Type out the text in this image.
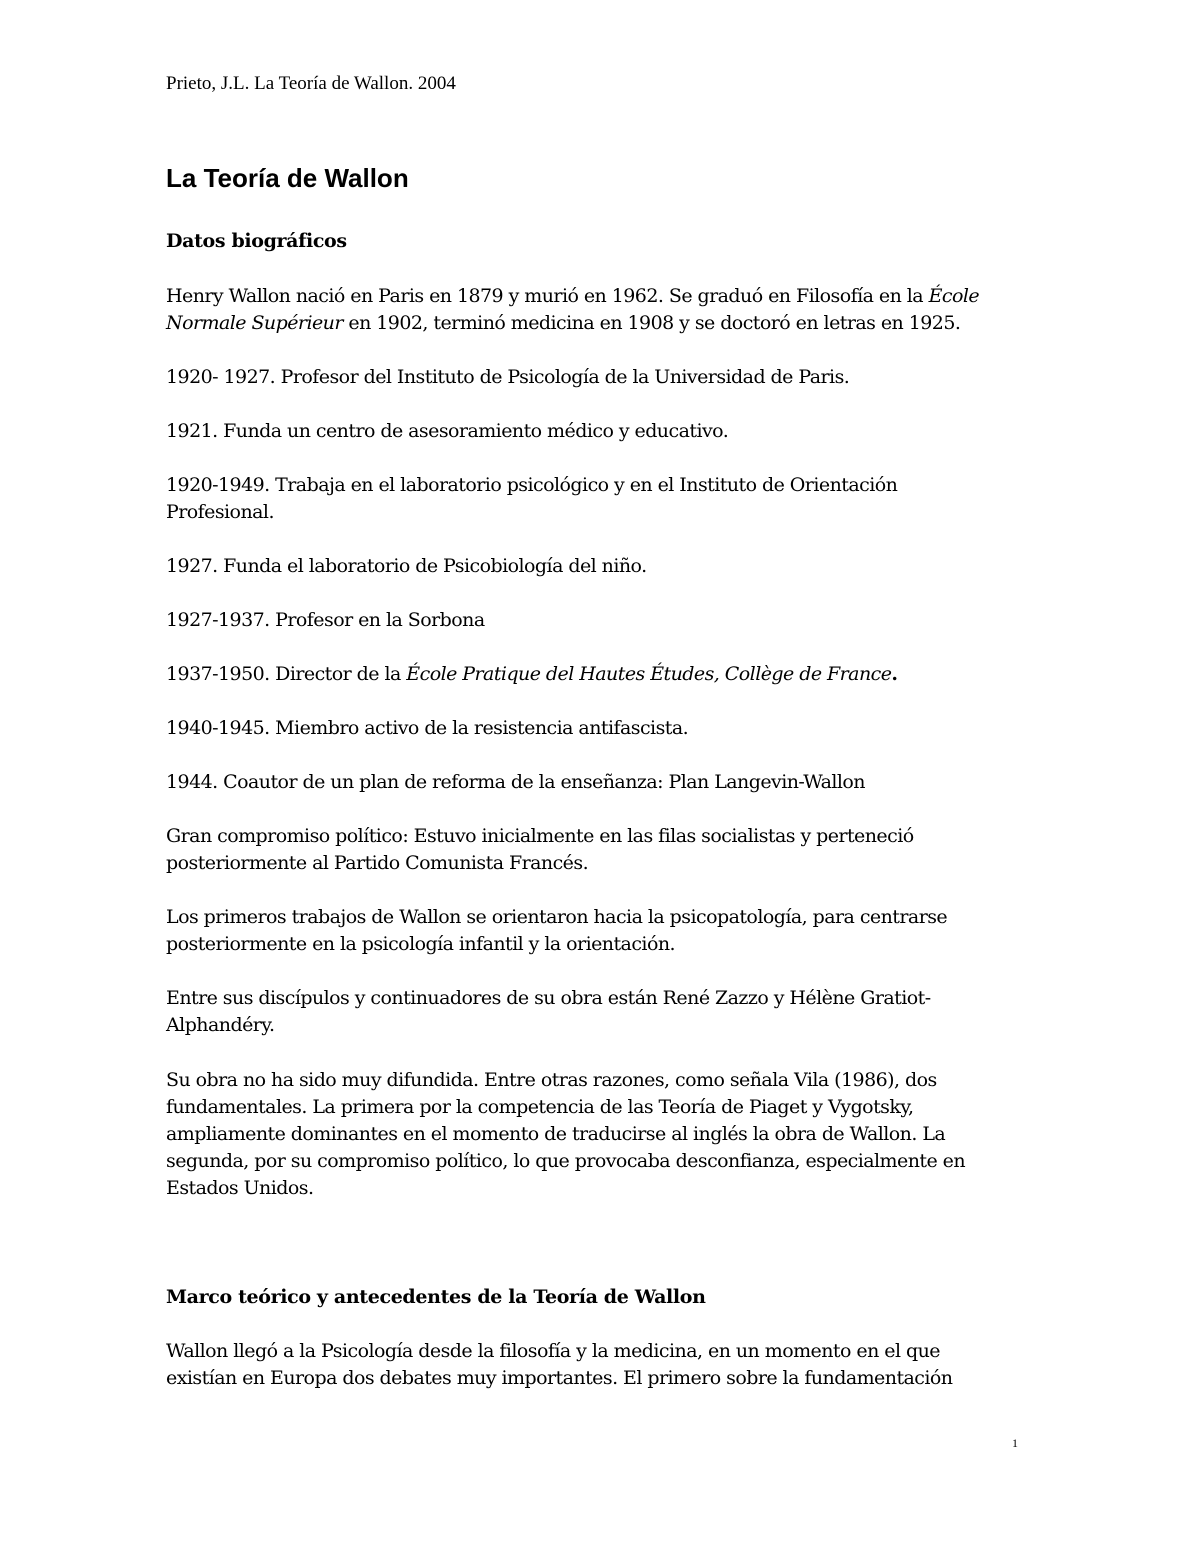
Prieto, J.L. La Teoría de Wallon. 2004
La Teoría de Wallon
Datos biográficos

Henry Wallon nació en Paris en 1879 y murió en 1962. Se graduó en Filosofía en la École
Normale Supérieur en 1902, terminó medicina en 1908 y se doctoró en letras en 1925.

1920- 1927. Profesor del Instituto de Psicología de la Universidad de Paris.

1921. Funda un centro de asesoramiento médico y educativo.

1920-1949. Trabaja en el laboratorio psicológico y en el Instituto de Orientación
Profesional.

1927. Funda el laboratorio de Psicobiología del niño.

1927-1937. Profesor en la Sorbona

1937-1950. Director de la École Pratique del Hautes Études, Collège de France.

1940-1945. Miembro activo de la resistencia antifascista.

1944. Coautor de un plan de reforma de la enseñanza: Plan Langevin-Wallon

Gran compromiso político: Estuvo inicialmente en las filas socialistas y perteneció
posteriormente al Partido Comunista Francés.

Los primeros trabajos de Wallon se orientaron hacia la psicopatología, para centrarse
posteriormente en la psicología infantil y la orientación.

Entre sus discípulos y continuadores de su obra están René Zazzo y Hélène Gratiot-
Alphandéry.

Su obra no ha sido muy difundida. Entre otras razones, como señala Vila (1986), dos
fundamentales. La primera por la competencia de las Teoría de Piaget y Vygotsky,
ampliamente dominantes en el momento de traducirse al inglés la obra de Wallon. La
segunda, por su compromiso político, lo que provocaba desconfianza, especialmente en
Estados Unidos.

Marco teórico y antecedentes de la Teoría de Wallon

Wallon llegó a la Psicología desde la filosofía y la medicina, en un momento en el que
existían en Europa dos debates muy importantes. El primero sobre la fundamentación

1
